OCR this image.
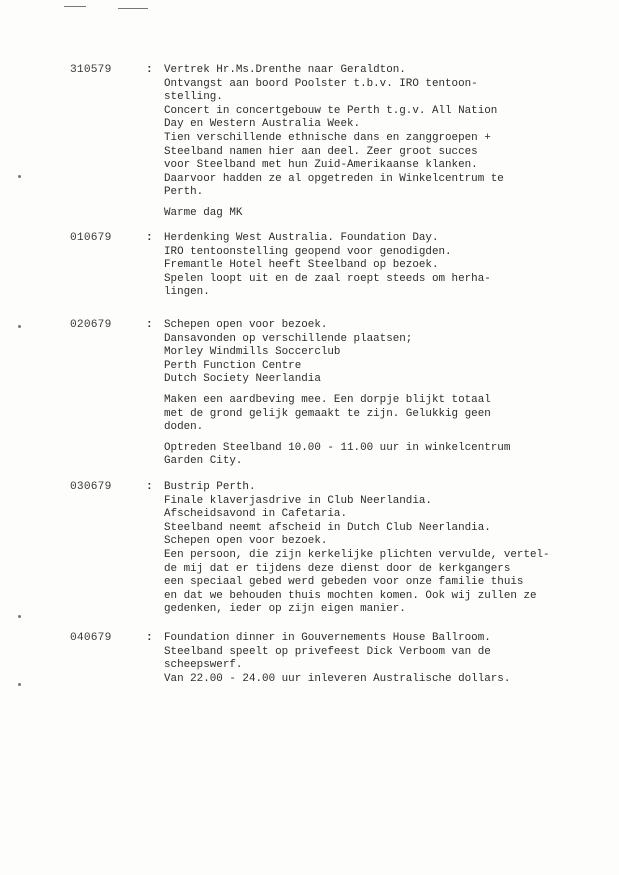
310579	: Vertrek Hr.Ms.Drenthe naar Geraldton.
Ontvangst aan boord Poolster t.b.v. IRO tentoon-
stelling.
Concert in concertgebouw te Perth t.g.v. All Nation
Day en Western Australia Week.
Tien verschillende ethnische dans en zanggroepen +
Steelband namen hier aan deel. Zeer groot succes
voor Steelband met hun Zuid-Amerikaanse klanken.
Daarvoor hadden ze al opgetreden in Winkelcentrum te
Perth.
Warme dag MK
010679	: Herdenking West Australia. Foundation Day.
IRO tentoonstelling geopend voor genodigden.
Fremantle Hotel heeft Steelband op bezoek.
Spelen loopt uit en de zaal roept steeds om herha-
lingen.
020679	: Schepen open voor bezoek.
Dansavonden op verschillende plaatsen;
Morley Windmills Soccerclub
Perth Function Centre
Dutch Society Neerlandia
Maken een aardbeving mee. Een dorpje blijkt totaal
met de grond gelijk gemaakt te zijn. Gelukkig geen
doden.
Optreden Steelband 10.00 - 11.00 uur in winkelcentrum
Garden City.
030679	: Bustrip Perth.
Finale klaverjasdrive in Club Neerlandia.
Afscheidsavond in Cafetaria.
Steelband neemt afscheid in Dutch Club Neerlandia.
Schepen open voor bezoek.
Een persoon, die zijn kerkelijke plichten vervulde, vertel-
de mij dat er tijdens deze dienst door de kerkgangers
een speciaal gebed werd gebeden voor onze familie thuis
en dat we behouden thuis mochten komen. Ook wij zullen ze
gedenken, ieder op zijn eigen manier.
040679	: Foundation dinner in Gouvernements House Ballroom.
Steelband speelt op privefeest Dick Verboom van de
scheepswerf.
Van 22.00 - 24.00 uur inleveren Australische dollars.
